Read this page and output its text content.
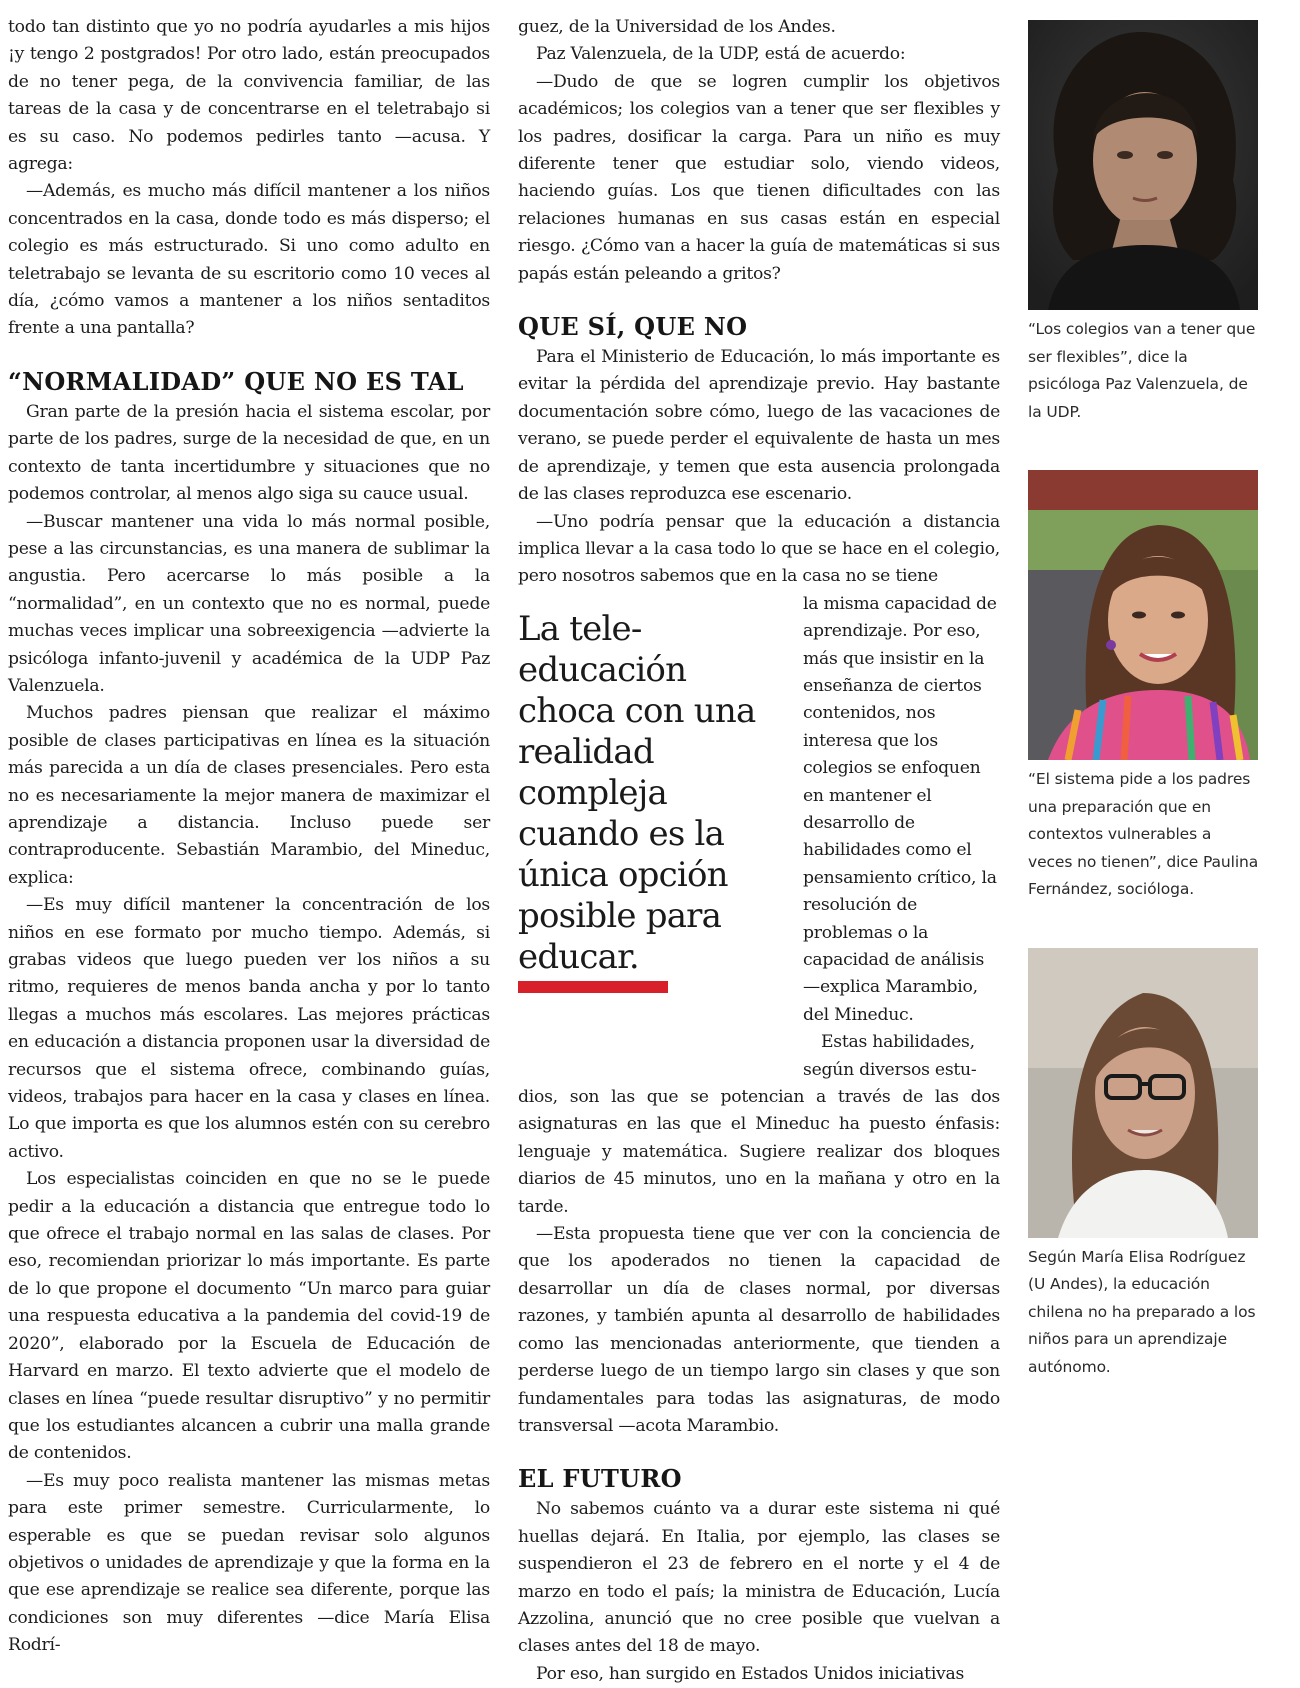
todo tan distinto que yo no podría ayudarles a mis hijos ¡y tengo 2 postgrados! Por otro lado, están preocupados de no tener pega, de la convivencia familiar, de las tareas de la casa y de concentrarse en el teletrabajo si es su caso. No podemos pedirles tanto —acusa. Y agrega:

—Además, es mucho más difícil mantener a los niños concentrados en la casa, donde todo es más disperso; el colegio es más estructurado. Si uno como adulto en teletrabajo se levanta de su escritorio como 10 veces al día, ¿cómo vamos a mantener a los niños sentaditos frente a una pantalla?

“NORMALIDAD” QUE NO ES TAL

Gran parte de la presión hacia el sistema escolar, por parte de los padres, surge de la necesidad de que, en un contexto de tanta incertidumbre y situaciones que no podemos controlar, al menos algo siga su cauce usual.

—Buscar mantener una vida lo más normal posible, pese a las circunstancias, es una manera de sublimar la angustia. Pero acercarse lo más posible a la “normalidad”, en un contexto que no es normal, puede muchas veces implicar una sobreexigencia —advierte la psicóloga infanto-juvenil y académica de la UDP Paz Valenzuela.

Muchos padres piensan que realizar el máximo posible de clases participativas en línea es la situación más parecida a un día de clases presenciales. Pero esta no es necesariamente la mejor manera de maximizar el aprendizaje a distancia. Incluso puede ser contraproducente. Sebastián Marambio, del Mineduc, explica:

—Es muy difícil mantener la concentración de los niños en ese formato por mucho tiempo. Además, si grabas videos que luego pueden ver los niños a su ritmo, requieres de menos banda ancha y por lo tanto llegas a muchos más escolares. Las mejores prácticas en educación a distancia proponen usar la diversidad de recursos que el sistema ofrece, combinando guías, videos, trabajos para hacer en la casa y clases en línea. Lo que importa es que los alumnos estén con su cerebro activo.

Los especialistas coinciden en que no se le puede pedir a la educación a distancia que entregue todo lo que ofrece el trabajo normal en las salas de clases. Por eso, recomiendan priorizar lo más importante. Es parte de lo que propone el documento “Un marco para guiar una respuesta educativa a la pandemia del covid-19 de 2020”, elaborado por la Escuela de Educación de Harvard en marzo. El texto advierte que el modelo de clases en línea “puede resultar disruptivo” y no permitir que los estudiantes alcancen a cubrir una malla grande de contenidos.

—Es muy poco realista mantener las mismas metas para este primer semestre. Curricularmente, lo esperable es que se puedan revisar solo algunos objetivos o unidades de aprendizaje y que la forma en la que ese aprendizaje se realice sea diferente, porque las condiciones son muy diferentes —dice María Elisa Rodrí-

guez, de la Universidad de los Andes.

Paz Valenzuela, de la UDP, está de acuerdo:

—Dudo de que se logren cumplir los objetivos académicos; los colegios van a tener que ser flexibles y los padres, dosificar la carga. Para un niño es muy diferente tener que estudiar solo, viendo videos, haciendo guías. Los que tienen dificultades con las relaciones humanas en sus casas están en especial riesgo. ¿Cómo van a hacer la guía de matemáticas si sus papás están peleando a gritos?

QUE SÍ, QUE NO

Para el Ministerio de Educación, lo más importante es evitar la pérdida del aprendizaje previo. Hay bastante documentación sobre cómo, luego de las vacaciones de verano, se puede perder el equivalente de hasta un mes de aprendizaje, y temen que esta ausencia prolongada de las clases reproduzca ese escenario.

—Uno podría pensar que la educación a distancia implica llevar a la casa todo lo que se hace en el colegio, pero nosotros sabemos que en la casa no se tiene

La tele-educación choca con una realidad compleja cuando es la única opción posible para educar.

la misma capacidad de aprendizaje. Por eso, más que insistir en la enseñanza de ciertos contenidos, nos interesa que los colegios se enfoquen en mantener el desarrollo de habilidades como el pensamiento crítico, la resolución de problemas o la capacidad de análisis —explica Marambio, del Mineduc.

Estas habilidades, según diversos estu-

dios, son las que se potencian a través de las dos asignaturas en las que el Mineduc ha puesto énfasis: lenguaje y matemática. Sugiere realizar dos bloques diarios de 45 minutos, uno en la mañana y otro en la tarde.

—Esta propuesta tiene que ver con la conciencia de que los apoderados no tienen la capacidad de desarrollar un día de clases normal, por diversas razones, y también apunta al desarrollo de habilidades como las mencionadas anteriormente, que tienden a perderse luego de un tiempo largo sin clases y que son fundamentales para todas las asignaturas, de modo transversal —acota Marambio.

EL FUTURO

No sabemos cuánto va a durar este sistema ni qué huellas dejará. En Italia, por ejemplo, las clases se suspendieron el 23 de febrero en el norte y el 4 de marzo en todo el país; la ministra de Educación, Lucía Azzolina, anunció que no cree posible que vuelvan a clases antes del 18 de mayo.

Por eso, han surgido en Estados Unidos iniciativas

“Los colegios van a tener que ser flexibles”, dice la psicóloga Paz Valenzuela, de la UDP.

“El sistema pide a los padres una preparación que en contextos vulnerables a veces no tienen”, dice Paulina Fernández, socióloga.

Según María Elisa Rodríguez (U Andes), la educación chilena no ha preparado a los niños para un aprendizaje autónomo.
